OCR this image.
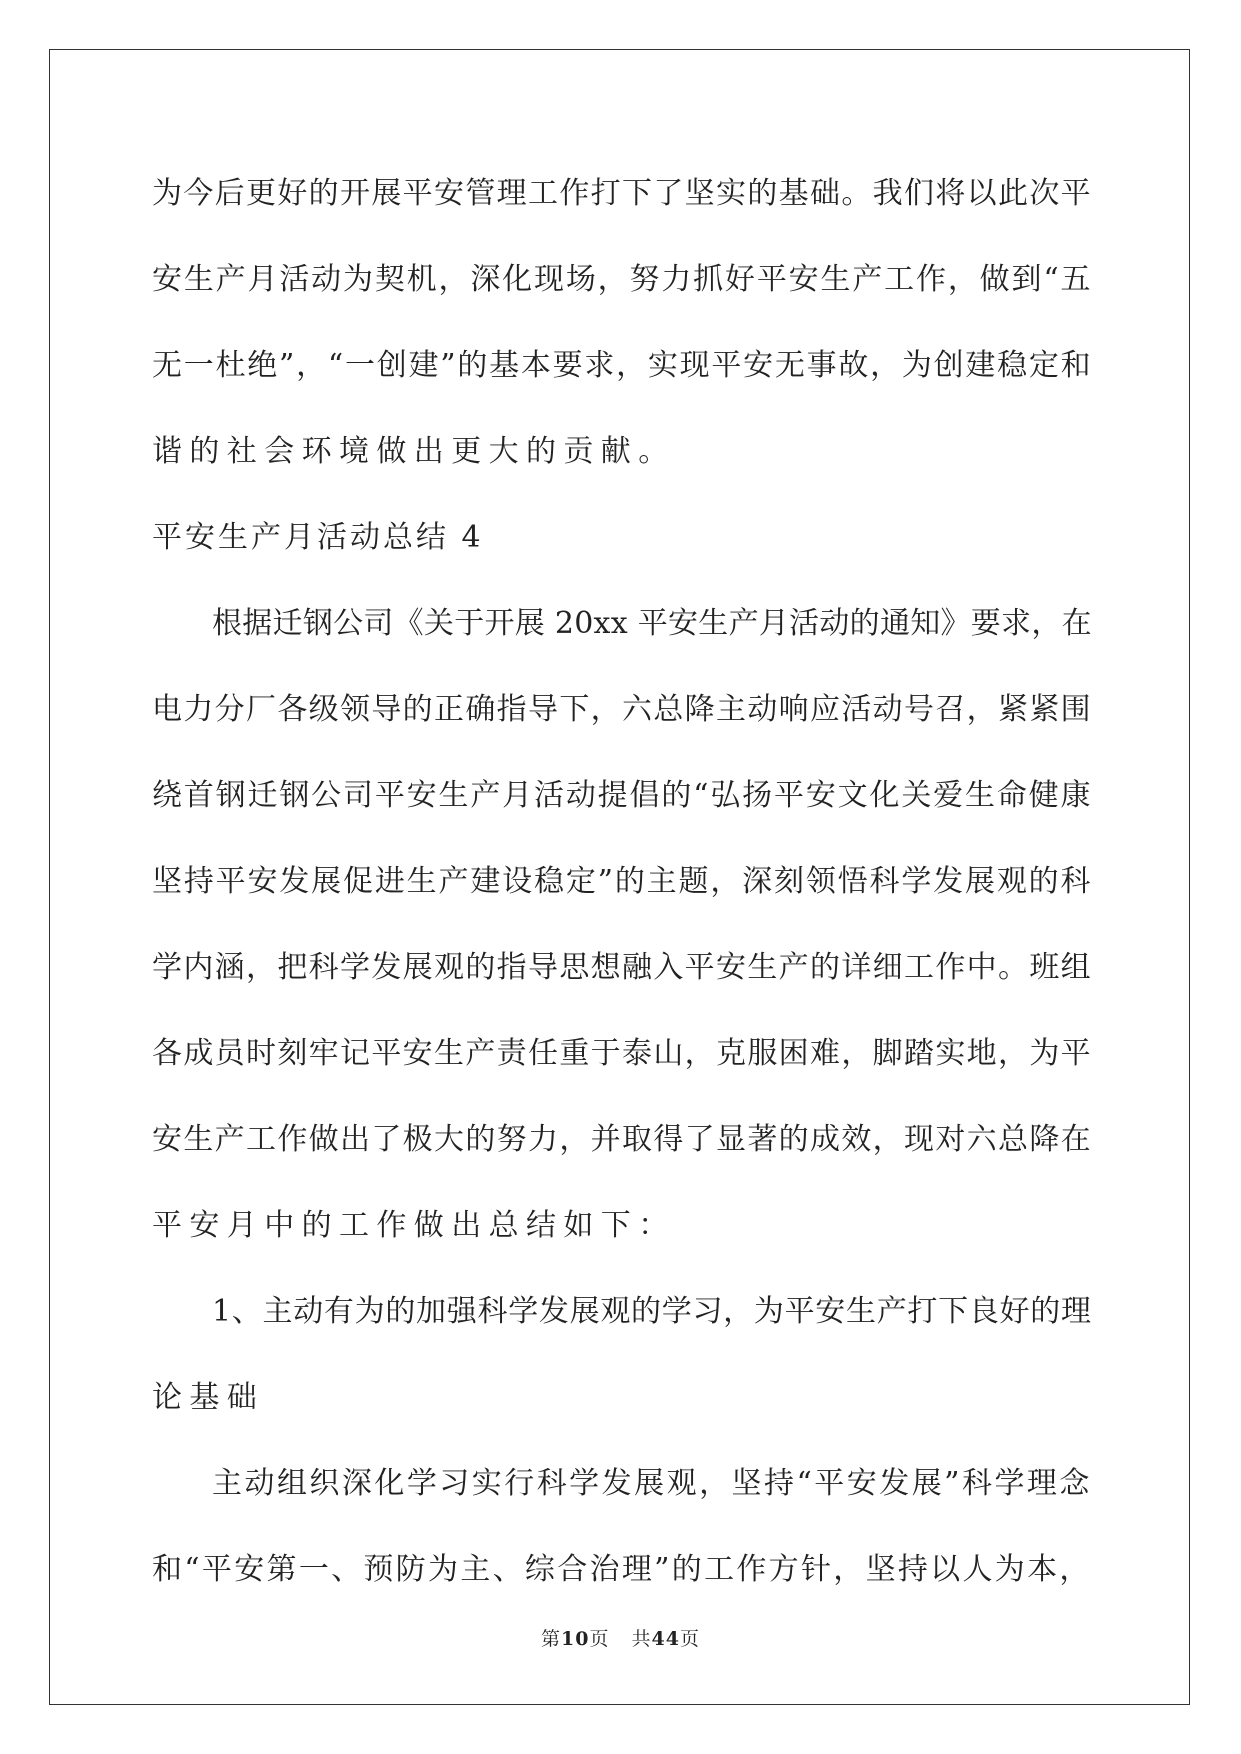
为今后更好的开展平安管理工作打下了坚实的基础。我们将以此次平
安生产月活动为契机，深化现场，努力抓好平安生产工作，做到“五
无一杜绝”，“一创建”的基本要求，实现平安无事故，为创建稳定和
谐的社会环境做出更大的贡献。
平安生产月活动总结 4
根据迁钢公司《关于开展 20xx 平安生产月活动的通知》要求，在
电力分厂各级领导的正确指导下，六总降主动响应活动号召，紧紧围
绕首钢迁钢公司平安生产月活动提倡的“弘扬平安文化关爱生命健康
坚持平安发展促进生产建设稳定”的主题，深刻领悟科学发展观的科
学内涵，把科学发展观的指导思想融入平安生产的详细工作中。班组
各成员时刻牢记平安生产责任重于泰山，克服困难，脚踏实地，为平
安生产工作做出了极大的努力，并取得了显著的成效，现对六总降在
平安月中的工作做出总结如下：
1、主动有为的加强科学发展观的学习，为平安生产打下良好的理
论基础
主动组织深化学习实行科学发展观，坚持“平安发展”科学理念
和“平安第一、预防为主、综合治理”的工作方针，坚持以人为本，
第10页 共44页
